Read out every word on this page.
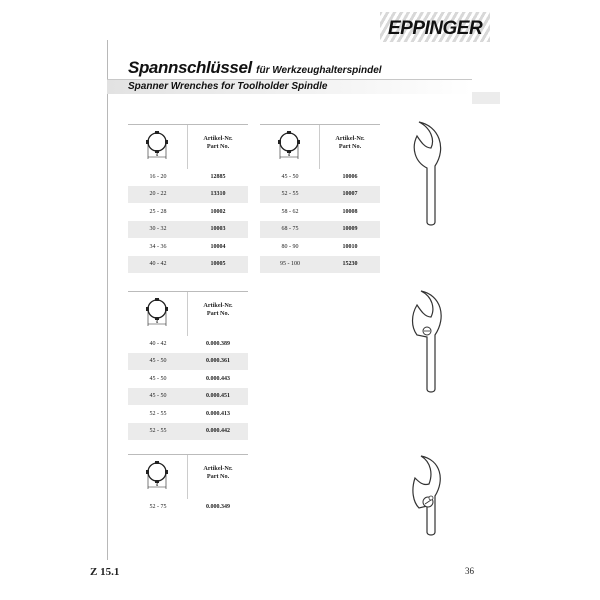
EPPINGER
Spannschlüssel für Werkzeughalterspindel
Spanner Wrenches for Toolholder Spindle
d
Artikel-Nr.
Part No.
16 - 20	12885
20 - 22	13310
25 - 28	10002
30 - 32	10003
34 - 36	10004
40 - 42	10005
d
Artikel-Nr.
Part No.
45 - 50	10006
52 - 55	10007
58 - 62	10008
68 - 75	10009
80 - 90	10010
95 - 100	15230
d
Artikel-Nr.
Part No.
40 - 42	0.000.389
45 - 50	0.000.361
45 - 50	0.000.443
45 - 50	0.000.451
52 - 55	0.000.413
52 - 55	0.000.442
d
Artikel-Nr.
Part No.
52 - 75	0.000.349
Z 15.1	36
